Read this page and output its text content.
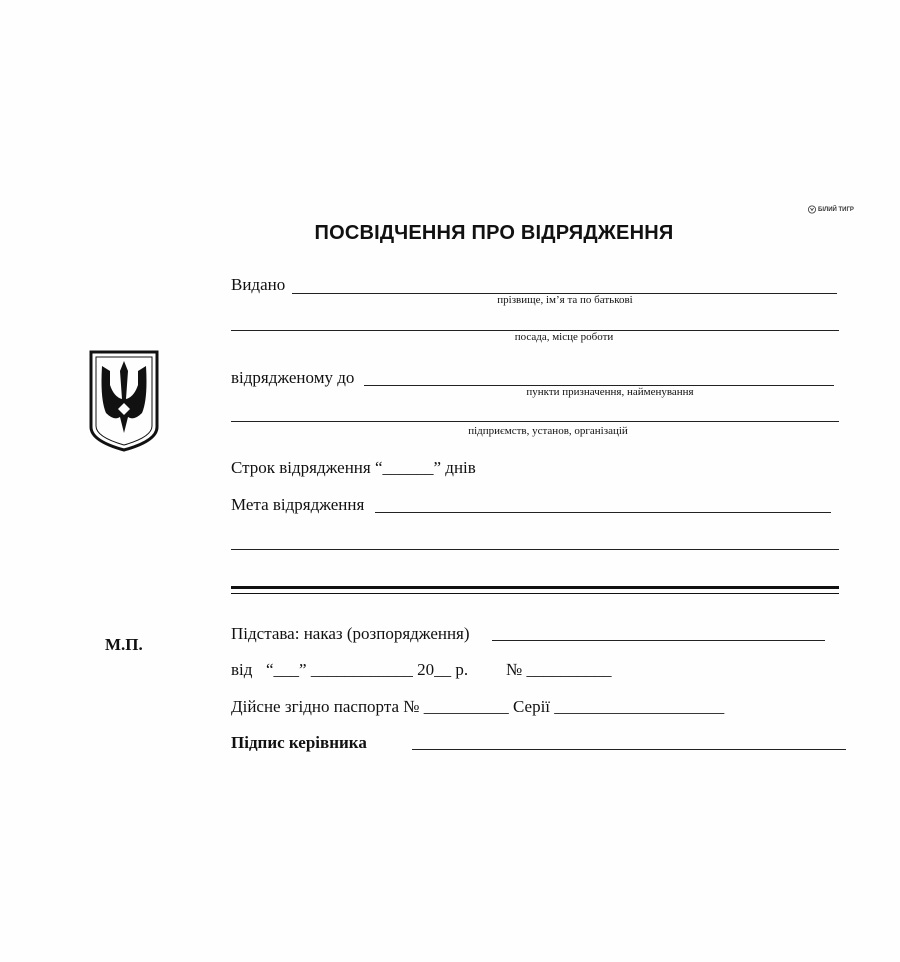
БІЛИЙ ТИГР
ПОСВІДЧЕННЯ ПРО ВІДРЯДЖЕННЯ
Видано
прізвище, ім’я та по батькові
посада, місце роботи
відрядженому до
пункти призначення, найменування
підприємств, установ, організацій
Строк відрядження “______” днів
Мета відрядження
М.П.
Підстава: наказ (розпорядження)
від “___” ____________ 20__ р. № __________
Дійсне згідно паспорта № __________ Серії ____________________
Підпис керівника
